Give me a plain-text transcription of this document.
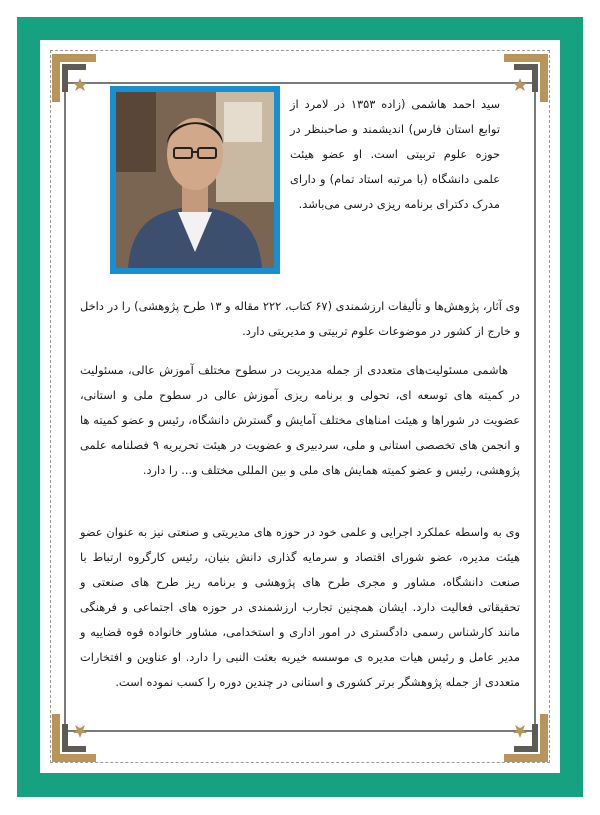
سید احمد هاشمی (زاده ۱۳۵۳ در لامرد از توابع استان فارس) اندیشمند و صاحبنظر در حوزه علوم تربیتی است. او عضو هیئت علمی دانشگاه (با مرتبه استاد تمام) و دارای مدرک دکترای برنامه ریزی درسی می‌باشد.
وی آثار، پژوهش‌ها و تألیفات ارزشمندی (۶۷ کتاب، ۲۲۲ مقاله و ۱۳ طرح پژوهشی) را در داخل و خارج از کشور در موضوعات علوم تربیتی و مدیریتی دارد.
هاشمی مسئولیت‌های متعددی از جمله مدیریت در سطوح مختلف آموزش عالی، مسئولیت در کمیته های توسعه ای، تحولی و برنامه ریزی آموزش عالی در سطوح ملی و استانی، عضویت در شوراها و هیئت امناهای مختلف آمایش و گسترش دانشگاه، رئیس و عضو کمیته ها و انجمن های تخصصی استانی و ملی، سردبیری و عضویت در هیئت تحریریه ۹ فصلنامه علمی پژوهشی، رئیس و عضو کمیته همایش های ملی و بین المللی مختلف و... را دارد.
وی به واسطه عملکرد اجرایی و علمی خود در حوزه های مدیریتی و صنعتی نیز به عنوان عضو هیئت مدیره، عضو شورای اقتصاد و سرمایه گذاری دانش بنیان، رئیس کارگروه ارتباط با صنعت دانشگاه، مشاور و مجری طرح های پژوهشی و برنامه ریز طرح های صنعتی و تحقیقاتی فعالیت دارد. ایشان همچنین تجارب ارزشمندی در حوزه های اجتماعی و فرهنگی مانند کارشناس رسمی دادگستری در امور اداری و استخدامی، مشاور خانواده قوه قضاییه و مدیر عامل و رئیس هیات مدیره ی موسسه خیریه بعثت النبی را دارد. او عناوین و افتخارات متعددی از جمله پژوهشگر برتر کشوری و استانی در چندین دوره را کسب نموده است.
